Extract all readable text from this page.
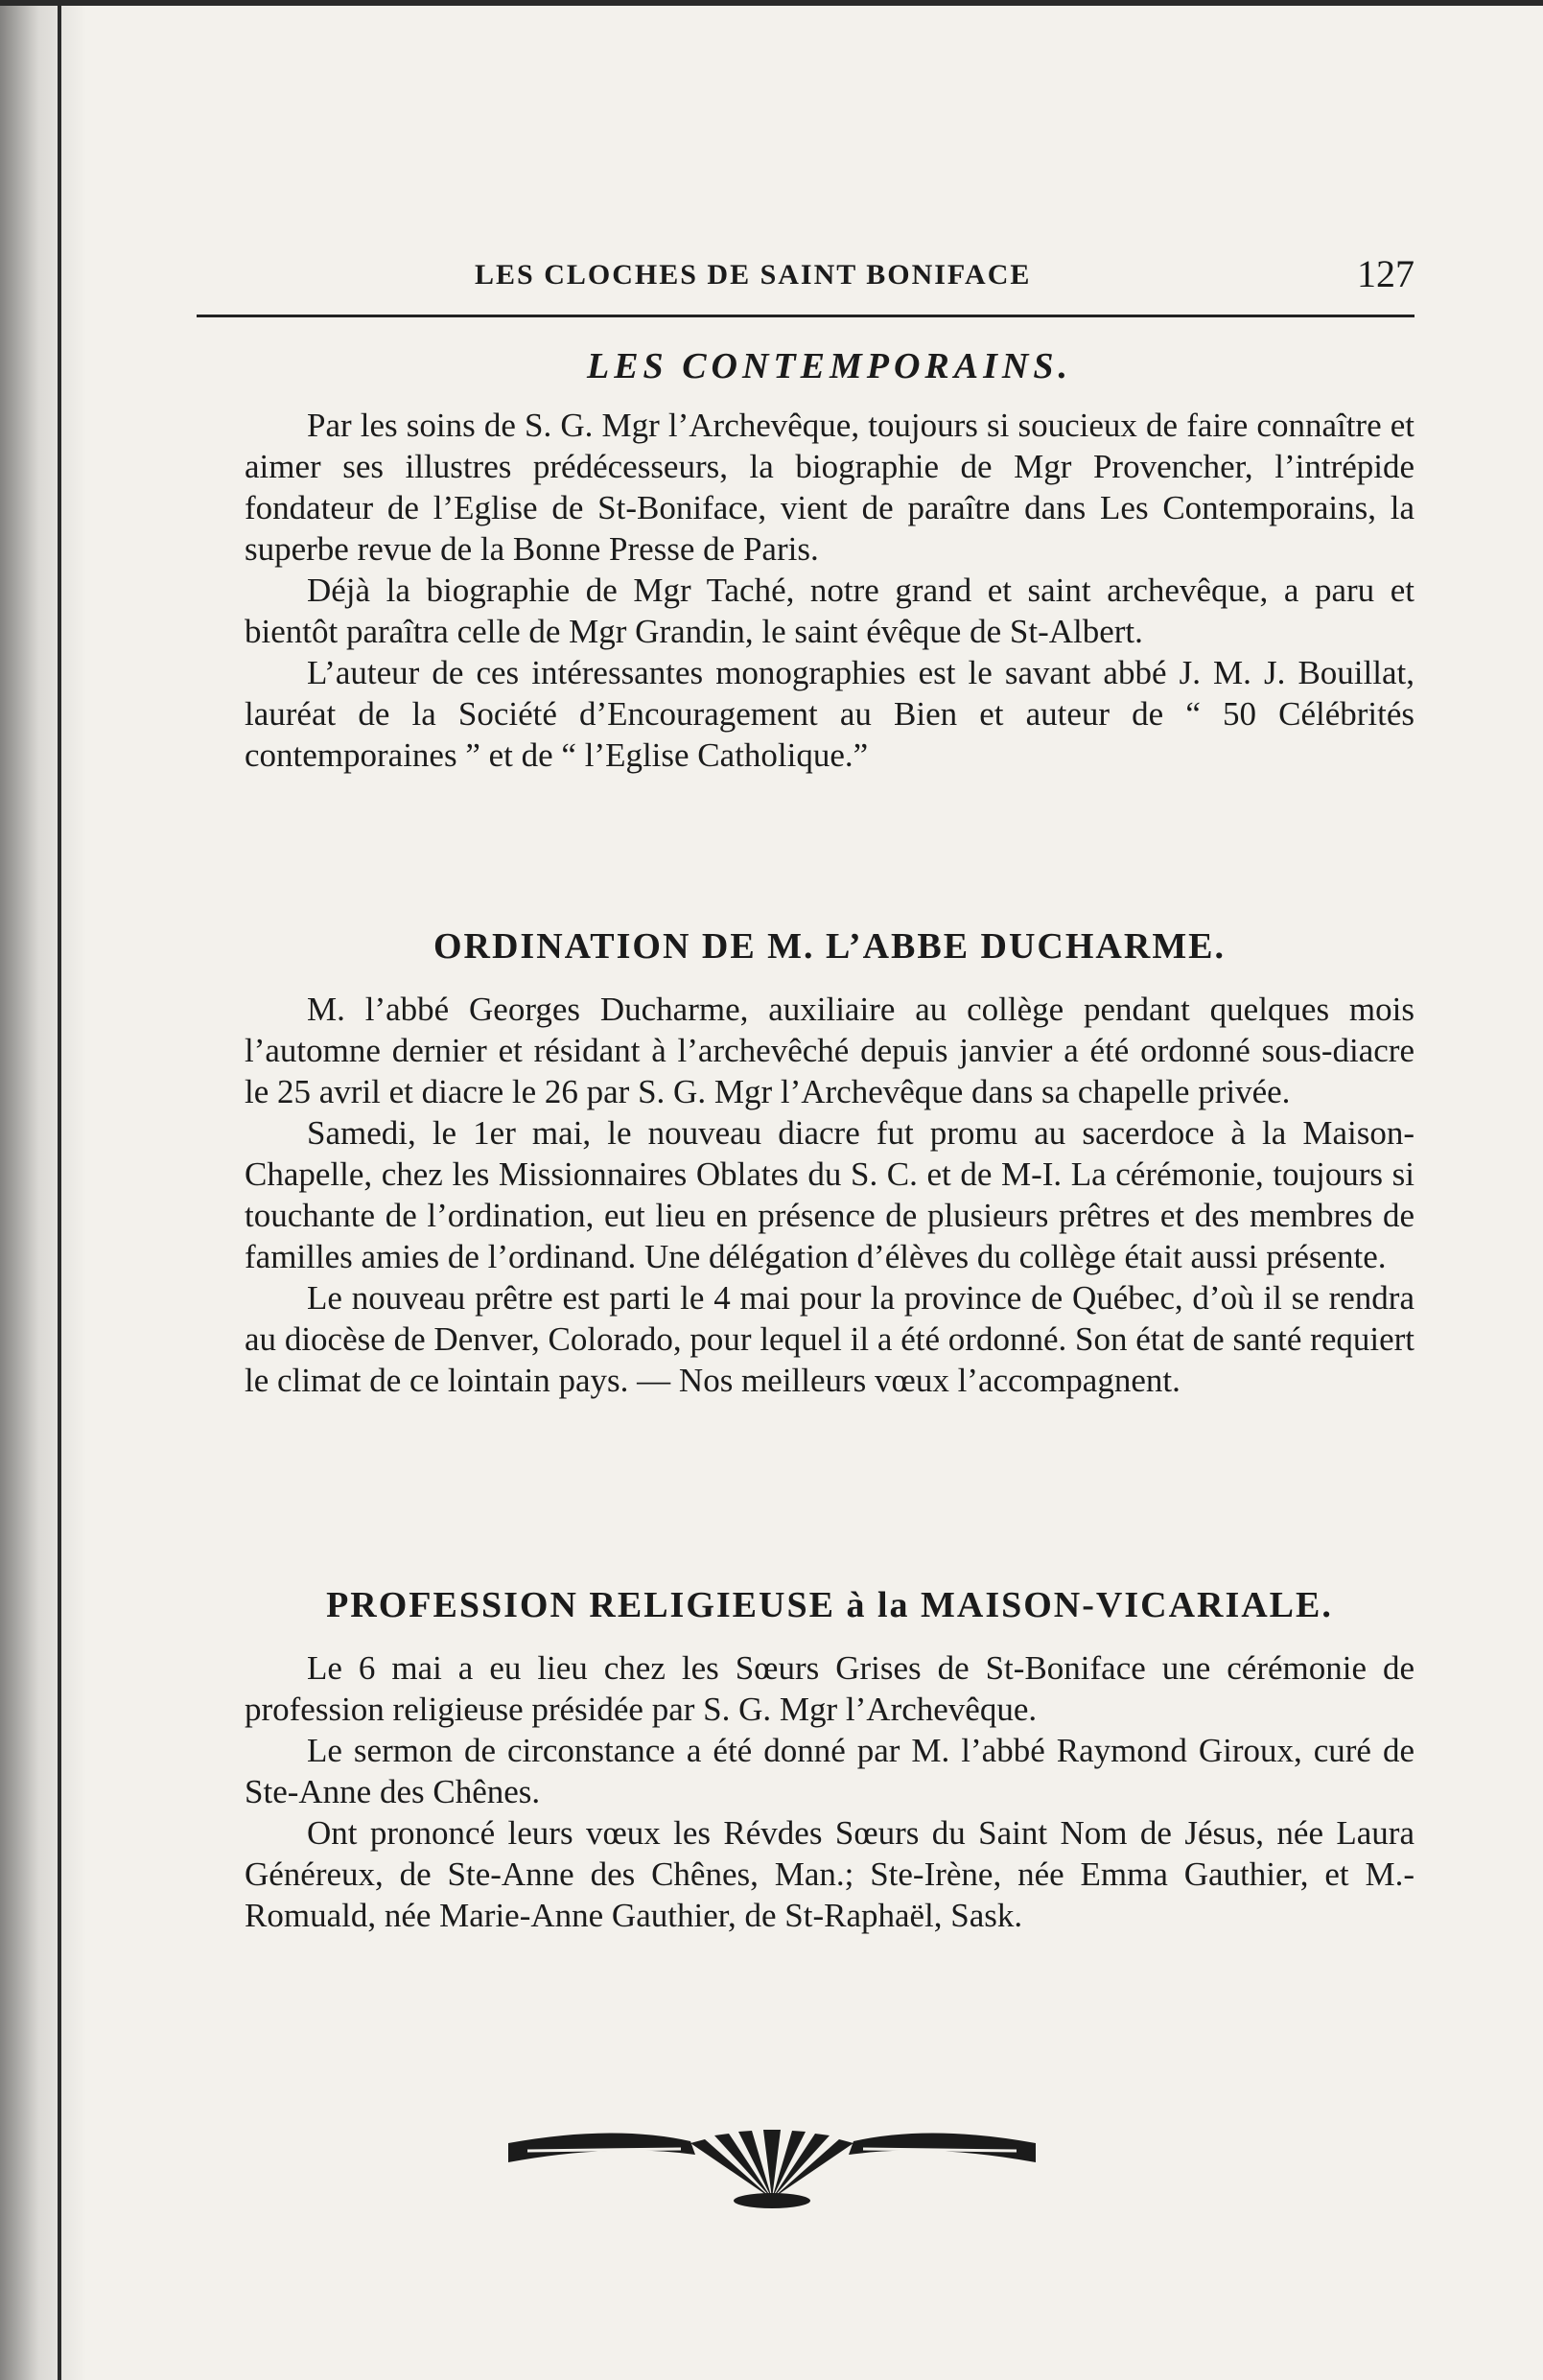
LES CLOCHES DE SAINT BONIFACE	127
LES CONTEMPORAINS.

Par les soins de S. G. Mgr l’Archevêque, toujours si soucieux de faire connaître et aimer ses illustres prédécesseurs, la biographie de Mgr Provencher, l’intrépide fondateur de l’Eglise de St-Boniface, vient de paraître dans Les Contemporains, la superbe revue de la Bonne Presse de Paris.

Déjà la biographie de Mgr Taché, notre grand et saint archevêque, a paru et bientôt paraîtra celle de Mgr Grandin, le saint évêque de St-Albert.

L’auteur de ces intéressantes monographies est le savant abbé J. M. J. Bouillat, lauréat de la Société d’Encouragement au Bien et auteur de “ 50 Célébrités contemporaines ” et de “ l’Eglise Catholique.”

ORDINATION DE M. L’ABBE DUCHARME.

M. l’abbé Georges Ducharme, auxiliaire au collège pendant quelques mois l’automne dernier et résidant à l’archevêché depuis janvier a été ordonné sous-diacre le 25 avril et diacre le 26 par S. G. Mgr l’Archevêque dans sa chapelle privée.

Samedi, le 1er mai, le nouveau diacre fut promu au sacerdoce à la Maison-Chapelle, chez les Missionnaires Oblates du S. C. et de M-I. La cérémonie, toujours si touchante de l’ordination, eut lieu en présence de plusieurs prêtres et des membres de familles amies de l’ordinand. Une délégation d’élèves du collège était aussi présente.

Le nouveau prêtre est parti le 4 mai pour la province de Québec, d’où il se rendra au diocèse de Denver, Colorado, pour lequel il a été ordonné. Son état de santé requiert le climat de ce lointain pays. — Nos meilleurs vœux l’accompagnent.

PROFESSION RELIGIEUSE à la MAISON-VICARIALE.

Le 6 mai a eu lieu chez les Sœurs Grises de St-Boniface une cérémonie de profession religieuse présidée par S. G. Mgr l’Archevêque.

Le sermon de circonstance a été donné par M. l’abbé Raymond Giroux, curé de Ste-Anne des Chênes.

Ont prononcé leurs vœux les Révdes Sœurs du Saint Nom de Jésus, née Laura Généreux, de Ste-Anne des Chênes, Man.; Ste-Irène, née Emma Gauthier, et M.-Romuald, née Marie-Anne Gauthier, de St-Raphaël, Sask.
